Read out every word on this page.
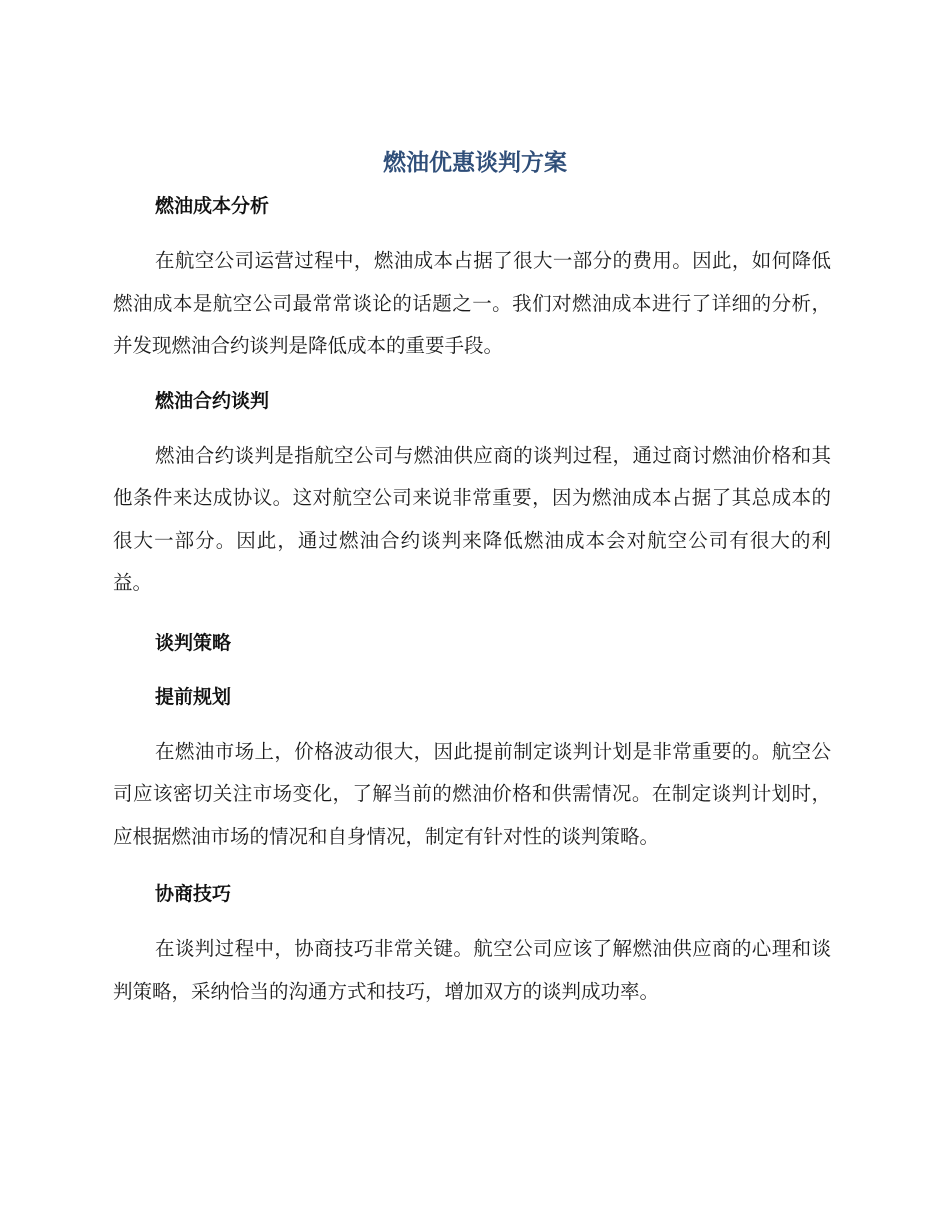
燃油优惠谈判方案
燃油成本分析

在航空公司运营过程中，燃油成本占据了很大一部分的费用。因此，如何降低燃油成本是航空公司最常常谈论的话题之一。我们对燃油成本进行了详细的分析，并发现燃油合约谈判是降低成本的重要手段。

燃油合约谈判

燃油合约谈判是指航空公司与燃油供应商的谈判过程，通过商讨燃油价格和其他条件来达成协议。这对航空公司来说非常重要，因为燃油成本占据了其总成本的很大一部分。因此，通过燃油合约谈判来降低燃油成本会对航空公司有很大的利益。

谈判策略
提前规划

在燃油市场上，价格波动很大，因此提前制定谈判计划是非常重要的。航空公司应该密切关注市场变化，了解当前的燃油价格和供需情况。在制定谈判计划时，应根据燃油市场的情况和自身情况，制定有针对性的谈判策略。

协商技巧

在谈判过程中，协商技巧非常关键。航空公司应该了解燃油供应商的心理和谈判策略，采纳恰当的沟通方式和技巧，增加双方的谈判成功率。
